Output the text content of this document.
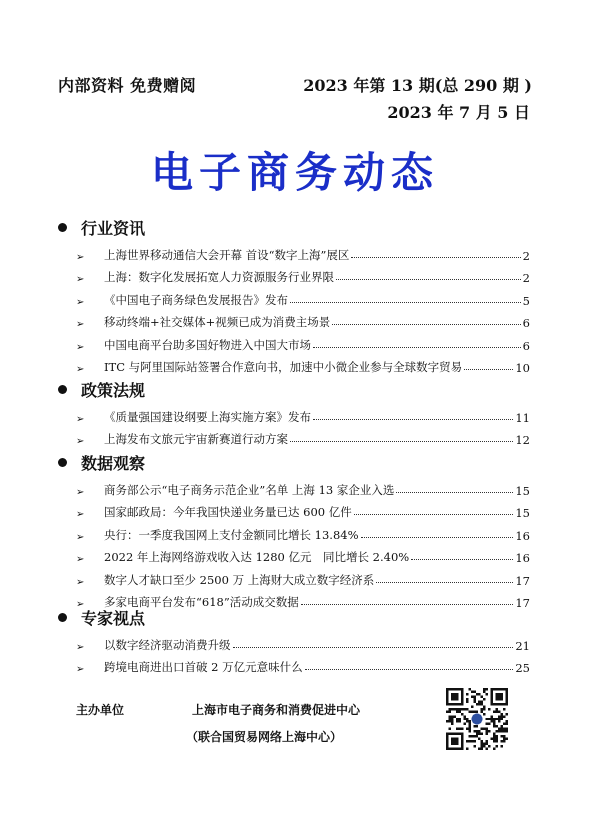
内部资料 免费赠阅	2023 年第 13 期(总 290 期 )
2023 年 7 月 5 日
电子商务动态
行业资讯
➢	上海世界移动通信大会开幕 首设“数字上海”展区	2
➢	上海：数字化发展拓宽人力资源服务行业界限	2
➢	《中国电子商务绿色发展报告》发布	5
➢	移动终端+社交媒体+视频已成为消费主场景	6
➢	中国电商平台助多国好物进入中国大市场	6
➢	ITC 与阿里国际站签署合作意向书，加速中小微企业参与全球数字贸易	10
政策法规
➢	《质量强国建设纲要上海实施方案》发布	11
➢	上海发布文旅元宇宙新赛道行动方案	12
数据观察
➢	商务部公示“电子商务示范企业”名单 上海 13 家企业入选	15
➢	国家邮政局：今年我国快递业务量已达 600 亿件	15
➢	央行：一季度我国网上支付金额同比增长 13.84%	16
➢	2022 年上海网络游戏收入达 1280 亿元　同比增长 2.40%	16
➢	数字人才缺口至少 2500 万 上海财大成立数字经济系	17
➢	多家电商平台发布“618”活动成交数据	17
专家视点
➢	以数字经济驱动消费升级	21
➢	跨境电商进出口首破 2 万亿元意味什么	25
主办单位	上海市电子商务和消费促进中心
（联合国贸易网络上海中心）
